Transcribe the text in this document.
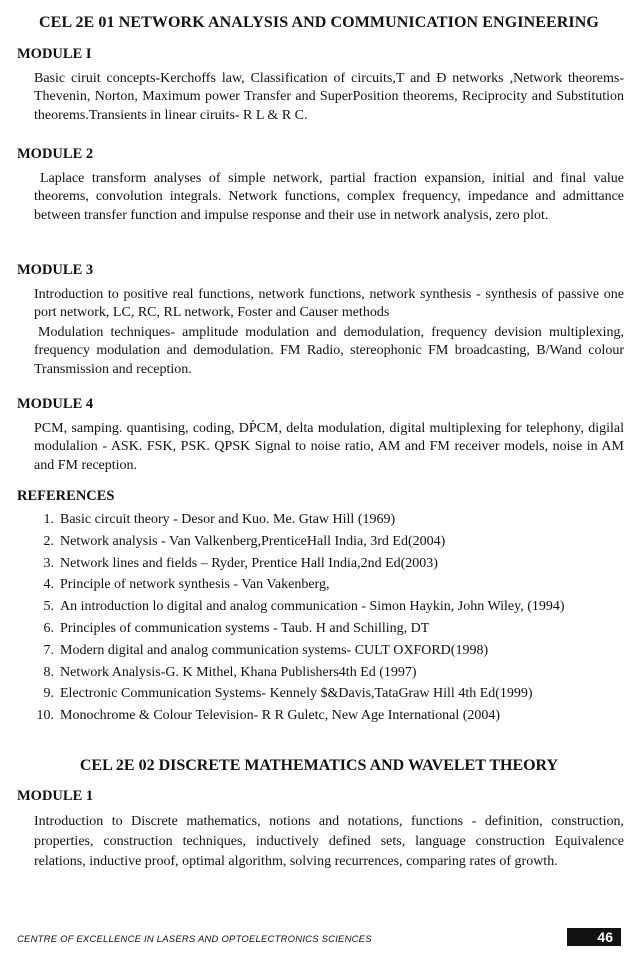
CEL 2E 01 NETWORK ANALYSIS AND COMMUNICATION ENGINEERING
MODULE I

Basic ciruit concepts-Kerchoffs law, Classification of circuits,T and Ð networks ,Network theorems- Thevenin, Norton, Maximum power Transfer and SuperPosition theorems, Reciprocity and Substitution theorems.Transients in linear ciruits- R L & R C.

MODULE 2

Laplace transform analyses of simple network, partial fraction expansion, initial and final value theorems, convolution integrals. Network functions, complex frequency, impedance and admittance between transfer function and impulse response and their use in network analysis, zero plot.

MODULE 3

Introduction to positive real functions, network functions, network synthesis - synthesis of passive one port network, LC, RC, RL network, Foster and Causer methods

Modulation techniques- amplitude modulation and demodulation, frequency devision multiplexing, frequency modulation and demodulation. FM Radio, stereophonic FM broadcasting, B/Wand colour Transmission and reception.

MODULE 4

PCM, samping. quantising, coding, DṔCM, delta modulation, digital multiplexing for telephony, digilal modulalion - ASK. FSK, PSK. QPSK Signal to noise ratio, AM and FM receiver models, noise in AM and FM reception.

REFERENCES
1. Basic circuit theory - Desor and Kuo. Me. Gtaw Hill (1969)
2. Network analysis - Van Valkenberg,PrenticeHall India, 3rd Ed(2004)
3. Network lines and fields – Ryder, Prentice Hall India,2nd Ed(2003)
4. Principle of network synthesis - Van Vakenberg,
5. An introduction lo digital and analog communication - Simon Haykin, John Wiley, (1994)
6. Principles of communication systems - Taub. H and Schilling, DT
7. Modern digital and analog communication systems- CULT OXFORD(1998)
8. Network Analysis-G. K Mithel, Khana Publishers4th Ed (1997)
9. Electronic Communication Systems- Kennely $&Davis,TataGraw Hill 4th Ed(1999)
10. Monochrome & Colour Television- R R Guletc, New Age International (2004)
CEL 2E 02 DISCRETE MATHEMATICS AND WAVELET THEORY
MODULE 1

Introduction to Discrete mathematics, notions and notations, functions - definition, construction, properties, construction techniques, inductively defined sets, language construction Equivalence relations, inductive proof, optimal algorithm, solving recurrences, comparing rates of growth.

CENTRE OF EXCELLENCE IN LASERS AND OPTOELECTRONICS SCIENCES	46
